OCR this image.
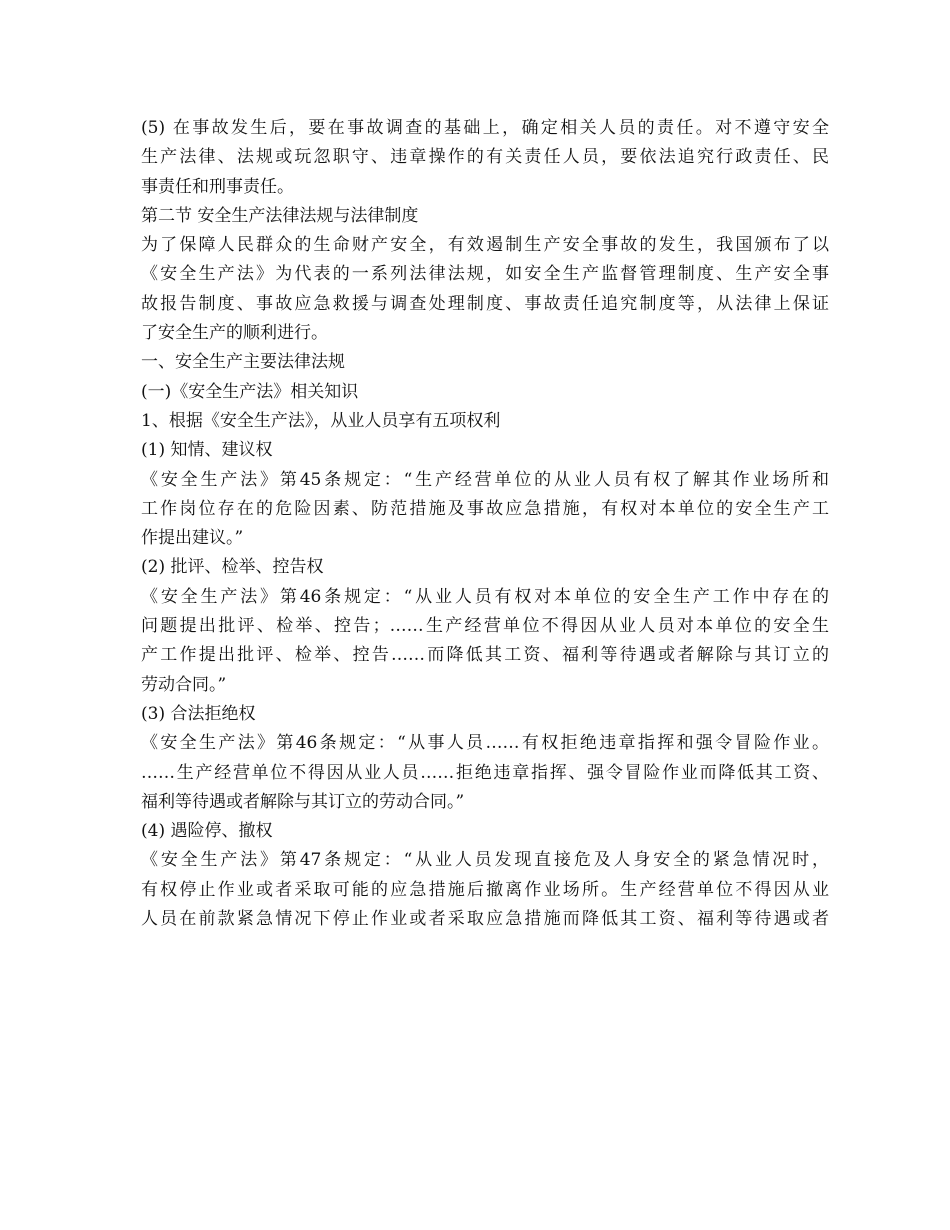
(5) 在事故发生后，要在事故调查的基础上，确定相关人员的责任。对不遵守安全
生产法律、法规或玩忽职守、违章操作的有关责任人员，要依法追究行政责任、民
事责任和刑事责任。
第二节 安全生产法律法规与法律制度
为了保障人民群众的生命财产安全，有效遏制生产安全事故的发生，我国颁布了以
《安全生产法》为代表的一系列法律法规，如安全生产监督管理制度、生产安全事
故报告制度、事故应急救援与调查处理制度、事故责任追究制度等，从法律上保证
了安全生产的顺利进行。
一、安全生产主要法律法规
(一)《安全生产法》相关知识
1、根据《安全生产法》，从业人员享有五项权利
(1) 知情、建议权
《安全生产法》第45条规定：“生产经营单位的从业人员有权了解其作业场所和
工作岗位存在的危险因素、防范措施及事故应急措施，有权对本单位的安全生产工
作提出建议。”
(2) 批评、检举、控告权
《安全生产法》第46条规定：“从业人员有权对本单位的安全生产工作中存在的
问题提出批评、检举、控告；……生产经营单位不得因从业人员对本单位的安全生
产工作提出批评、检举、控告……而降低其工资、福利等待遇或者解除与其订立的
劳动合同。”
(3) 合法拒绝权
《安全生产法》第46条规定：“从事人员……有权拒绝违章指挥和强令冒险作业。
……生产经营单位不得因从业人员……拒绝违章指挥、强令冒险作业而降低其工资、
福利等待遇或者解除与其订立的劳动合同。”
(4) 遇险停、撤权
《安全生产法》第47条规定：“从业人员发现直接危及人身安全的紧急情况时，
有权停止作业或者采取可能的应急措施后撤离作业场所。生产经营单位不得因从业
人员在前款紧急情况下停止作业或者采取应急措施而降低其工资、福利等待遇或者
